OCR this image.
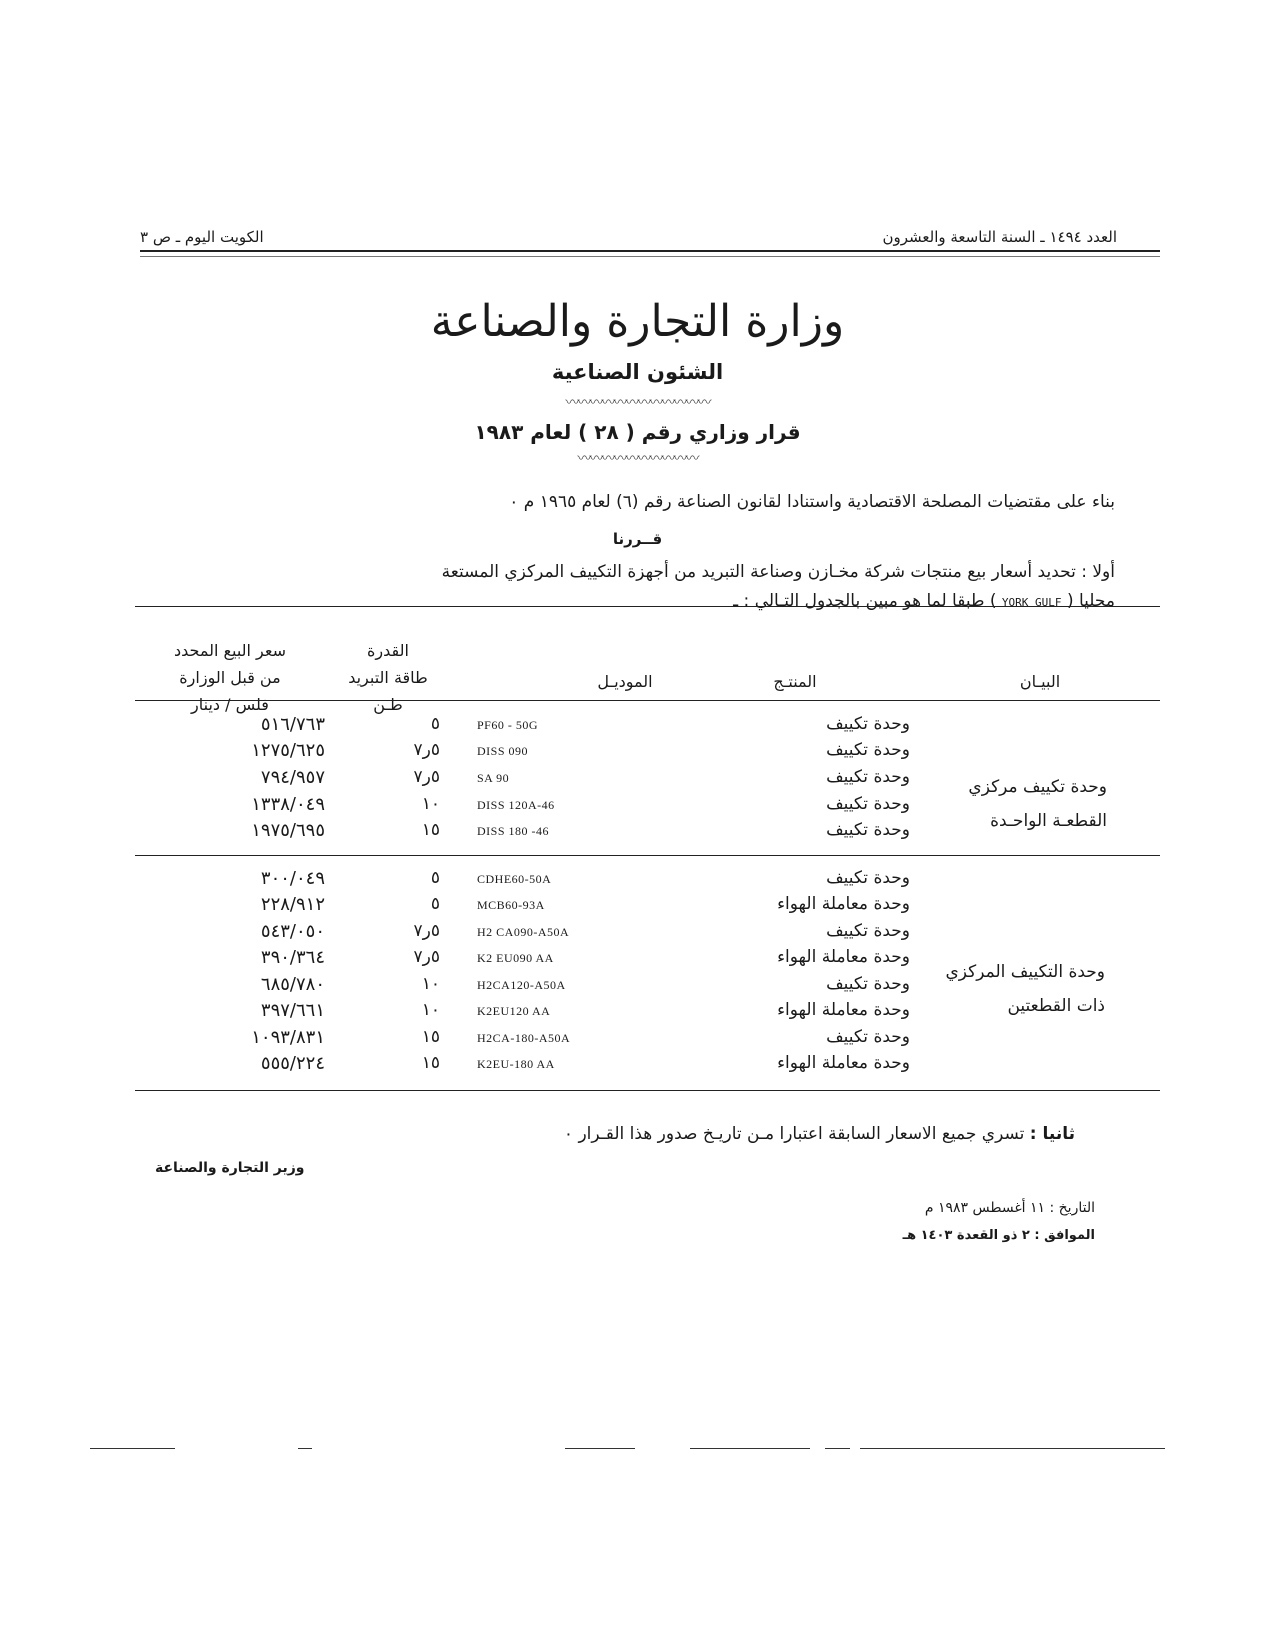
العدد ١٤٩٤ ـ السنة التاسعة والعشرون
الكويت اليوم ـ ص ٣
وزارة التجارة والصناعة
الشئون الصناعية
〰〰〰〰〰〰〰〰〰〰〰〰
قرار وزاري رقم ( ٢٨ ) لعام ١٩٨٣
〰〰〰〰〰〰〰〰〰〰
بناء على مقتضيات المصلحة الاقتصادية واستنادا لقانون الصناعة رقم (٦) لعام ١٩٦٥ م ٠
قــررنا
أولا : تحديد أسعار بيع منتجات شركة مخـازن وصناعة التبريد من أجهزة التكييف المركزي المستعة
محليا ( YORK GULF ) طبقا لما هو مبين بالجدول التـالي : ـ
البيـان
المنتـج
الموديـل
القدرة
طاقة التبريد
طـن
سعر البيع المحدد
من قبل الوزارة
فلس / دينار
وحدة تكييف مركزي
القطعـة الواحـدة
وحدة تكييف
PF60 - 50G
٥
٥١٦/٧٦٣
وحدة تكييف
DISS 090
٥ر٧
١٢٧٥/٦٢٥
وحدة تكييف
SA 90
٥ر٧
٧٩٤/٩٥٧
وحدة تكييف
DISS 120A-46
١٠
١٣٣٨/٠٤٩
وحدة تكييف
DISS 180 -46
١٥
١٩٧٥/٦٩٥
وحدة التكييف المركزي
ذات القطعتين
وحدة تكييف
CDHE60-50A
٥
٣٠٠/٠٤٩
وحدة معاملة الهواء
MCB60-93A
٥
٢٢٨/٩١٢
وحدة تكييف
H2 CA090-A50A
٥ر٧
٥٤٣/٠٥٠
وحدة معاملة الهواء
K2 EU090 AA
٥ر٧
٣٩٠/٣٦٤
وحدة تكييف
H2CA120-A50A
١٠
٦٨٥/٧٨٠
وحدة معاملة الهواء
K2EU120 AA
١٠
٣٩٧/٦٦١
وحدة تكييف
H2CA-180-A50A
١٥
١٠٩٣/٨٣١
وحدة معاملة الهواء
K2EU-180 AA
١٥
٥٥٥/٢٢٤
ثانيا : تسري جميع الاسعار السابقة اعتبارا مـن تاريـخ صدور هذا القـرار ٠
وزير التجارة والصناعة
التاريخ : ١١ أغسطس ١٩٨٣ م
الموافق : ٢ ذو القعدة ١٤٠٣ هـ
